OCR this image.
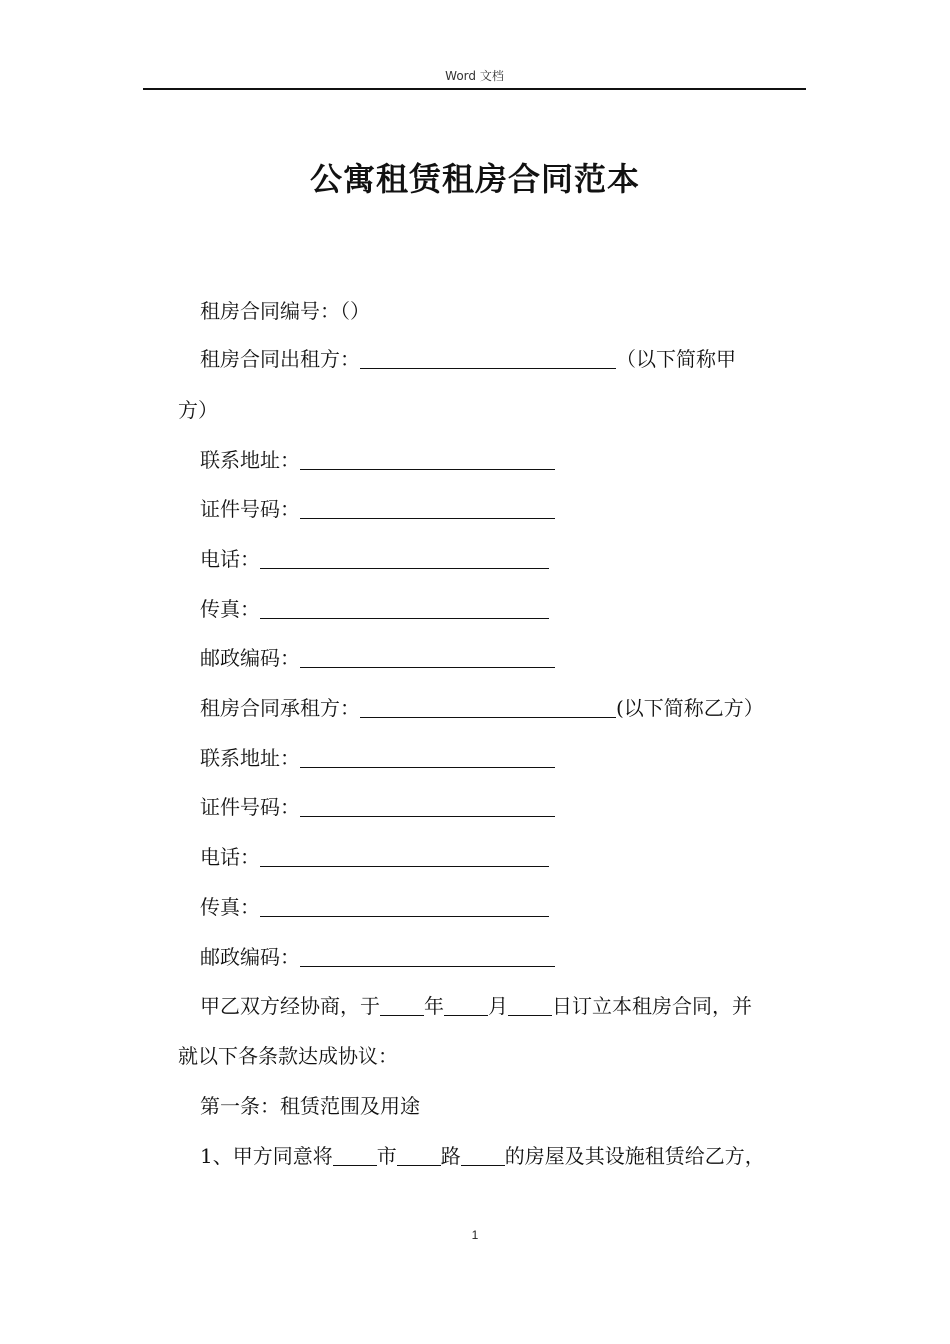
Word 文档
公寓租赁租房合同范本
租房合同编号：（）
租房合同出租方：	（以下简称甲
方）
联系地址：
证件号码：
电话：
传真：
邮政编码：
租房合同承租方：	(以下简称乙方）
联系地址：
证件号码：
电话：
传真：
邮政编码：
甲乙双方经协商，于 年 月 日订立本租房合同，并
就以下各条款达成协议：
第一条：租赁范围及用途
1、甲方同意将 市 路 的房屋及其设施租赁给乙方，
1
